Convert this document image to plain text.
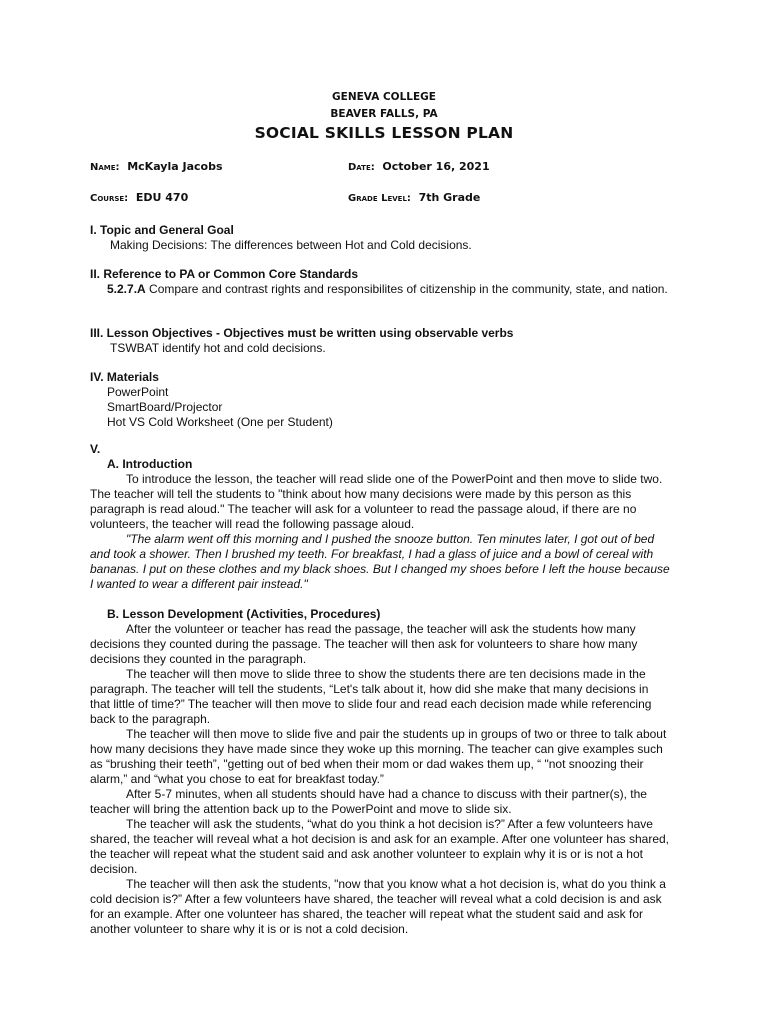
GENEVA COLLEGE
BEAVER FALLS, PA
SOCIAL SKILLS LESSON PLAN
Name: McKayla Jacobs	Date: October 16, 2021
Course: EDU 470	Grade Level: 7th Grade
I. Topic and General Goal
Making Decisions: The differences between Hot and Cold decisions.
II. Reference to PA or Common Core Standards
5.2.7.A Compare and contrast rights and responsibilites of citizenship in the community, state, and nation.
III. Lesson Objectives - Objectives must be written using observable verbs
TSWBAT identify hot and cold decisions.
IV. Materials
PowerPoint
SmartBoard/Projector
Hot VS Cold Worksheet (One per Student)
V.
A. Introduction

To introduce the lesson, the teacher will read slide one of the PowerPoint and then move to slide two. The teacher will tell the students to "think about how many decisions were made by this person as this paragraph is read aloud." The teacher will ask for a volunteer to read the passage aloud, if there are no volunteers, the teacher will read the following passage aloud.

"The alarm went off this morning and I pushed the snooze button. Ten minutes later, I got out of bed and took a shower. Then I brushed my teeth. For breakfast, I had a glass of juice and a bowl of cereal with bananas. I put on these clothes and my black shoes. But I changed my shoes before I left the house because I wanted to wear a different pair instead."

B. Lesson Development (Activities, Procedures)

After the volunteer or teacher has read the passage, the teacher will ask the students how many decisions they counted during the passage. The teacher will then ask for volunteers to share how many decisions they counted in the paragraph.

The teacher will then move to slide three to show the students there are ten decisions made in the paragraph. The teacher will tell the students, “Let's talk about it, how did she make that many decisions in that little of time?” The teacher will then move to slide four and read each decision made while referencing back to the paragraph.

The teacher will then move to slide five and pair the students up in groups of two or three to talk about how many decisions they have made since they woke up this morning. The teacher can give examples such as “brushing their teeth”, "getting out of bed when their mom or dad wakes them up, “ "not snoozing their alarm,” and “what you chose to eat for breakfast today.”

After 5-7 minutes, when all students should have had a chance to discuss with their partner(s), the teacher will bring the attention back up to the PowerPoint and move to slide six.

The teacher will ask the students, “what do you think a hot decision is?” After a few volunteers have shared, the teacher will reveal what a hot decision is and ask for an example. After one volunteer has shared, the teacher will repeat what the student said and ask another volunteer to explain why it is or is not a hot decision.

The teacher will then ask the students, "now that you know what a hot decision is, what do you think a cold decision is?” After a few volunteers have shared, the teacher will reveal what a cold decision is and ask for an example. After one volunteer has shared, the teacher will repeat what the student said and ask for another volunteer to share why it is or is not a cold decision.
